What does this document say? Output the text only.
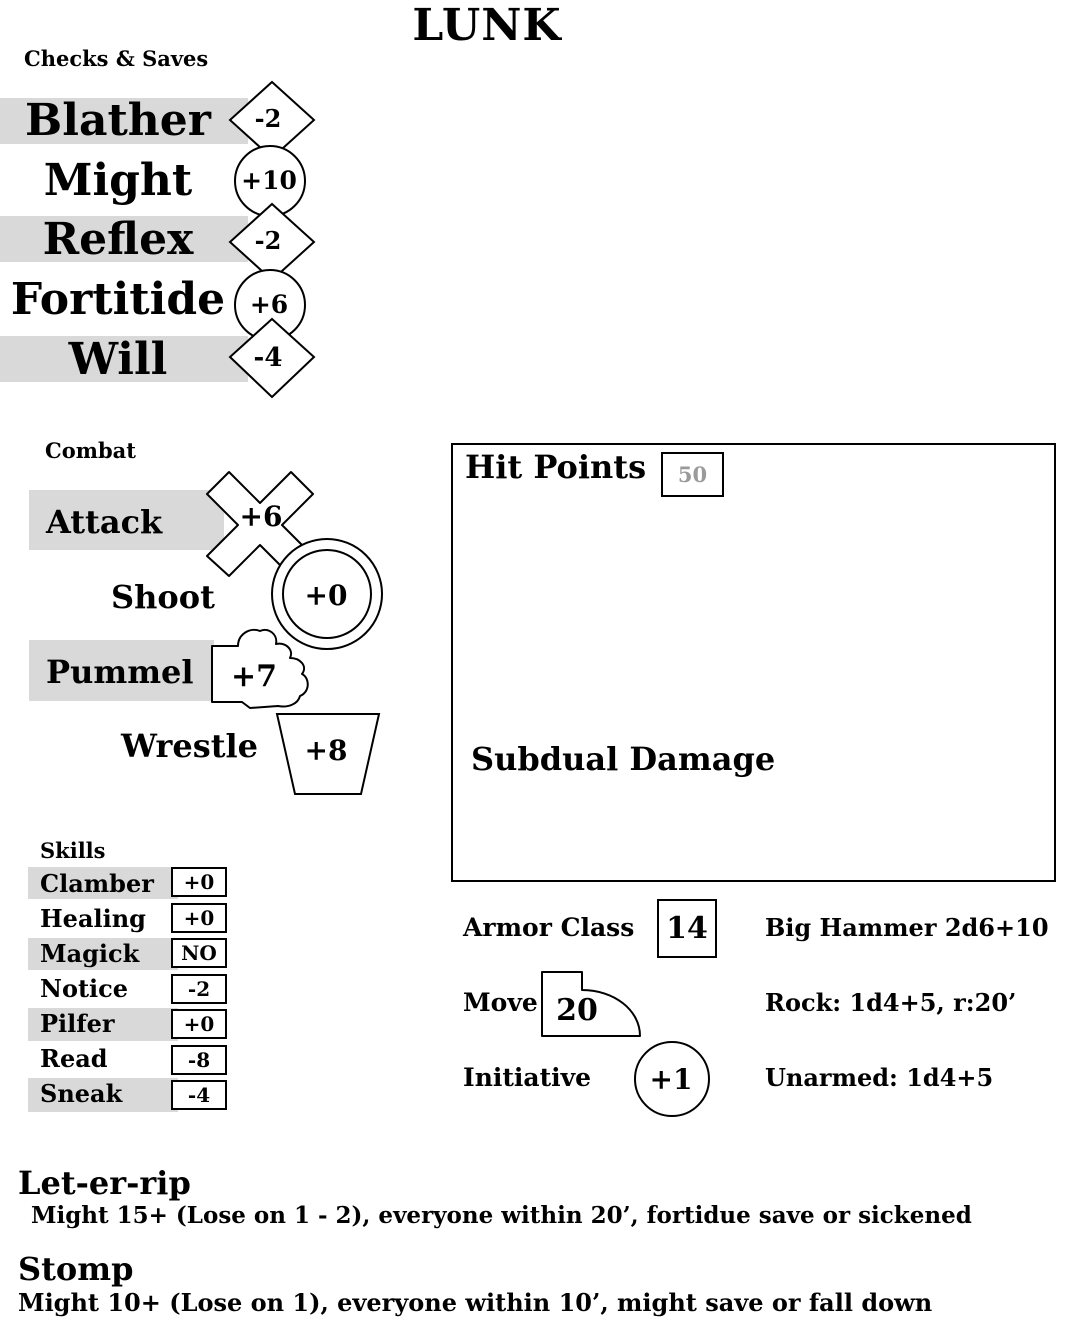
LUNK
Checks & Saves
Blather	-2
Might	+10
Reflex	-2
Fortitide +6
Will	-4
Combat
Attack	+6
Shoot	+0
Pummel +7
Wrestle +8
Skills
Clamber	+0
Healing	+0
Magick	NO
Notice	-2
Pilfer	+0
Read	-8
Sneak	-4
Hit Points	50
Subdual Damage
Armor Class	14
Move 20
Initiative +1
Big Hammer 2d6+10
Rock: 1d4+5, r:20’
Unarmed: 1d4+5
Let-er-rip
Might 15+ (Lose on 1 - 2), everyone within 20’, fortidue save or sickened
Stomp
Might 10+ (Lose on 1), everyone within 10’, might save or fall down
